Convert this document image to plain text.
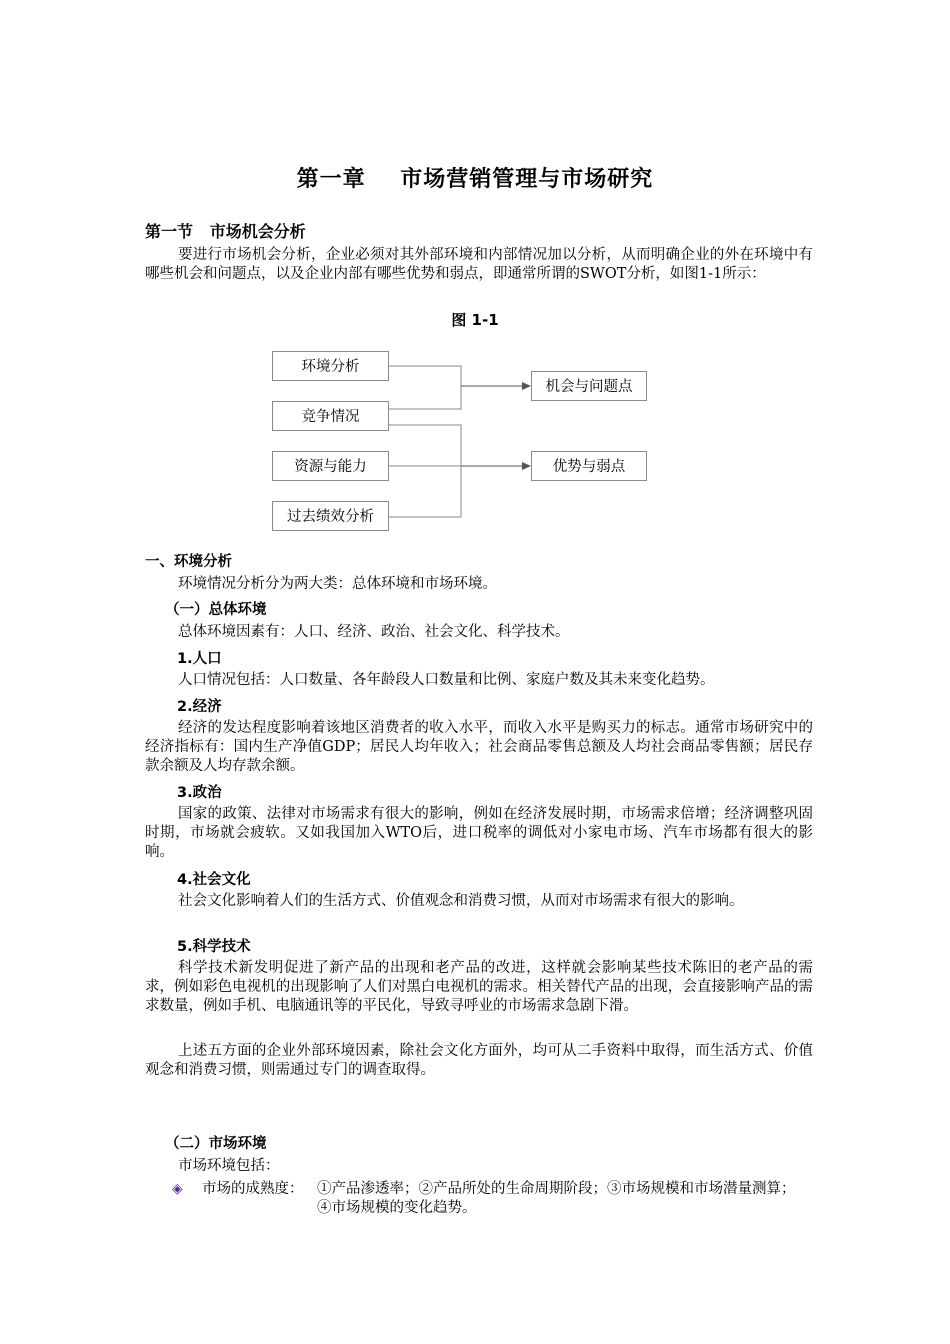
第一章    市场营销管理与市场研究
第一节   市场机会分析

要进行市场机会分析，企业必须对其外部环境和内部情况加以分析，从而明确企业的外在环境中有哪些机会和问题点，以及企业内部有哪些优势和弱点，即通常所谓的SWOT分析，如图1-1所示：

图 1-1
环境分析
竞争情况
资源与能力
过去绩效分析
机会与问题点
优势与弱点
一、环境分析

环境情况分析分为两大类：总体环境和市场环境。

（一）总体环境

总体环境因素有：人口、经济、政治、社会文化、科学技术。

1.人口

人口情况包括：人口数量、各年龄段人口数量和比例、家庭户数及其未来变化趋势。

2.经济

经济的发达程度影响着该地区消费者的收入水平，而收入水平是购买力的标志。通常市场研究中的经济指标有：国内生产净值GDP；居民人均年收入；社会商品零售总额及人均社会商品零售额；居民存款余额及人均存款余额。

3.政治

国家的政策、法律对市场需求有很大的影响，例如在经济发展时期，市场需求倍增；经济调整巩固时期，市场就会疲软。又如我国加入WTO后，进口税率的调低对小家电市场、汽车市场都有很大的影响。

4.社会文化

社会文化影响着人们的生活方式、价值观念和消费习惯，从而对市场需求有很大的影响。

5.科学技术

科学技术新发明促进了新产品的出现和老产品的改进，这样就会影响某些技术陈旧的老产品的需求，例如彩色电视机的出现影响了人们对黑白电视机的需求。相关替代产品的出现，会直接影响产品的需求数量，例如手机、电脑通讯等的平民化，导致寻呼业的市场需求急剧下滑。

上述五方面的企业外部环境因素，除社会文化方面外，均可从二手资料中取得，而生活方式、价值观念和消费习惯，则需通过专门的调查取得。

（二）市场环境

市场环境包括：

◈ 市场的成熟度： ①产品渗透率；②产品所处的生命周期阶段；③市场规模和市场潜量测算； ④市场规模的变化趋势。
